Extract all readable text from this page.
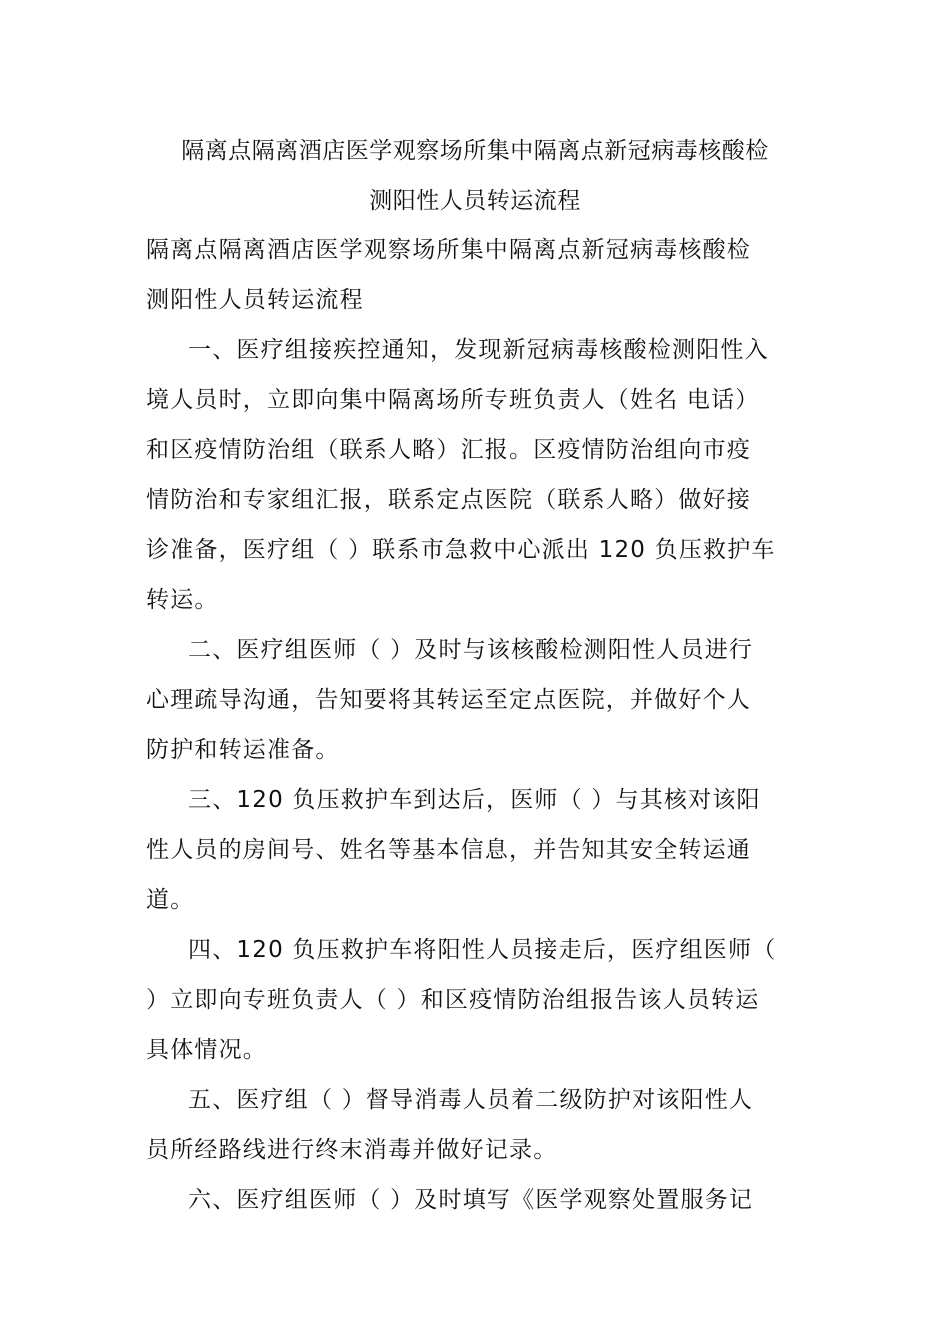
隔离点隔离酒店医学观察场所集中隔离点新冠病毒核酸检
测阳性人员转运流程
隔离点隔离酒店医学观察场所集中隔离点新冠病毒核酸检
测阳性人员转运流程
一、医疗组接疾控通知，发现新冠病毒核酸检测阳性入
境人员时，立即向集中隔离场所专班负责人（姓名 电话）
和区疫情防治组（联系人略）汇报。区疫情防治组向市疫
情防治和专家组汇报，联系定点医院（联系人略）做好接
诊准备，医疗组（ ）联系市急救中心派出 120 负压救护车
转运。
二、医疗组医师（ ）及时与该核酸检测阳性人员进行
心理疏导沟通，告知要将其转运至定点医院，并做好个人
防护和转运准备。
三、120 负压救护车到达后，医师（ ）与其核对该阳
性人员的房间号、姓名等基本信息，并告知其安全转运通
道。
四、120 负压救护车将阳性人员接走后，医疗组医师（
）立即向专班负责人（ ）和区疫情防治组报告该人员转运
具体情况。
五、医疗组（ ）督导消毒人员着二级防护对该阳性人
员所经路线进行终末消毒并做好记录。
六、医疗组医师（ ）及时填写《医学观察处置服务记
